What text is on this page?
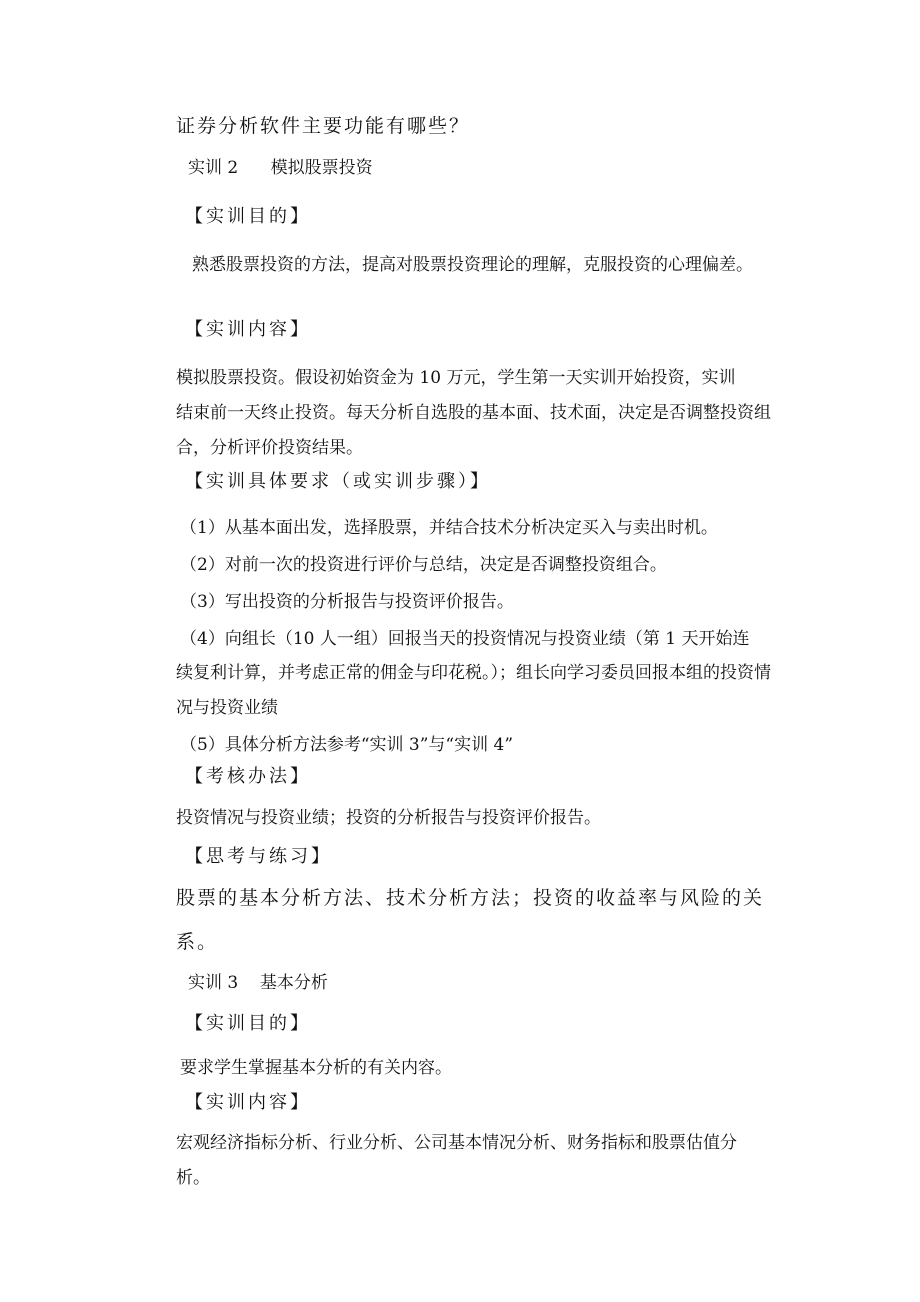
证券分析软件主要功能有哪些？
实训 2      模拟股票投资
【实训目的】
熟悉股票投资的方法，提高对股票投资理论的理解，克服投资的心理偏差。
【实训内容】
模拟股票投资。假设初始资金为 10 万元，学生第一天实训开始投资，实训
结束前一天终止投资。每天分析自选股的基本面、技术面，决定是否调整投资组
合，分析评价投资结果。
【实训具体要求（或实训步骤）】
（1）从基本面出发，选择股票，并结合技术分析决定买入与卖出时机。
（2）对前一次的投资进行评价与总结，决定是否调整投资组合。
（3）写出投资的分析报告与投资评价报告。
（4）向组长（10 人一组）回报当天的投资情况与投资业绩（第 1 天开始连
续复利计算，并考虑正常的佣金与印花税。）；组长向学习委员回报本组的投资情
况与投资业绩
（5）具体分析方法参考“实训 3”与“实训 4”
【考核办法】
投资情况与投资业绩；投资的分析报告与投资评价报告。
【思考与练习】
股票的基本分析方法、技术分析方法；投资的收益率与风险的关
系。
实训 3    基本分析
【实训目的】
要求学生掌握基本分析的有关内容。
【实训内容】
宏观经济指标分析、行业分析、公司基本情况分析、财务指标和股票估值分
析。
